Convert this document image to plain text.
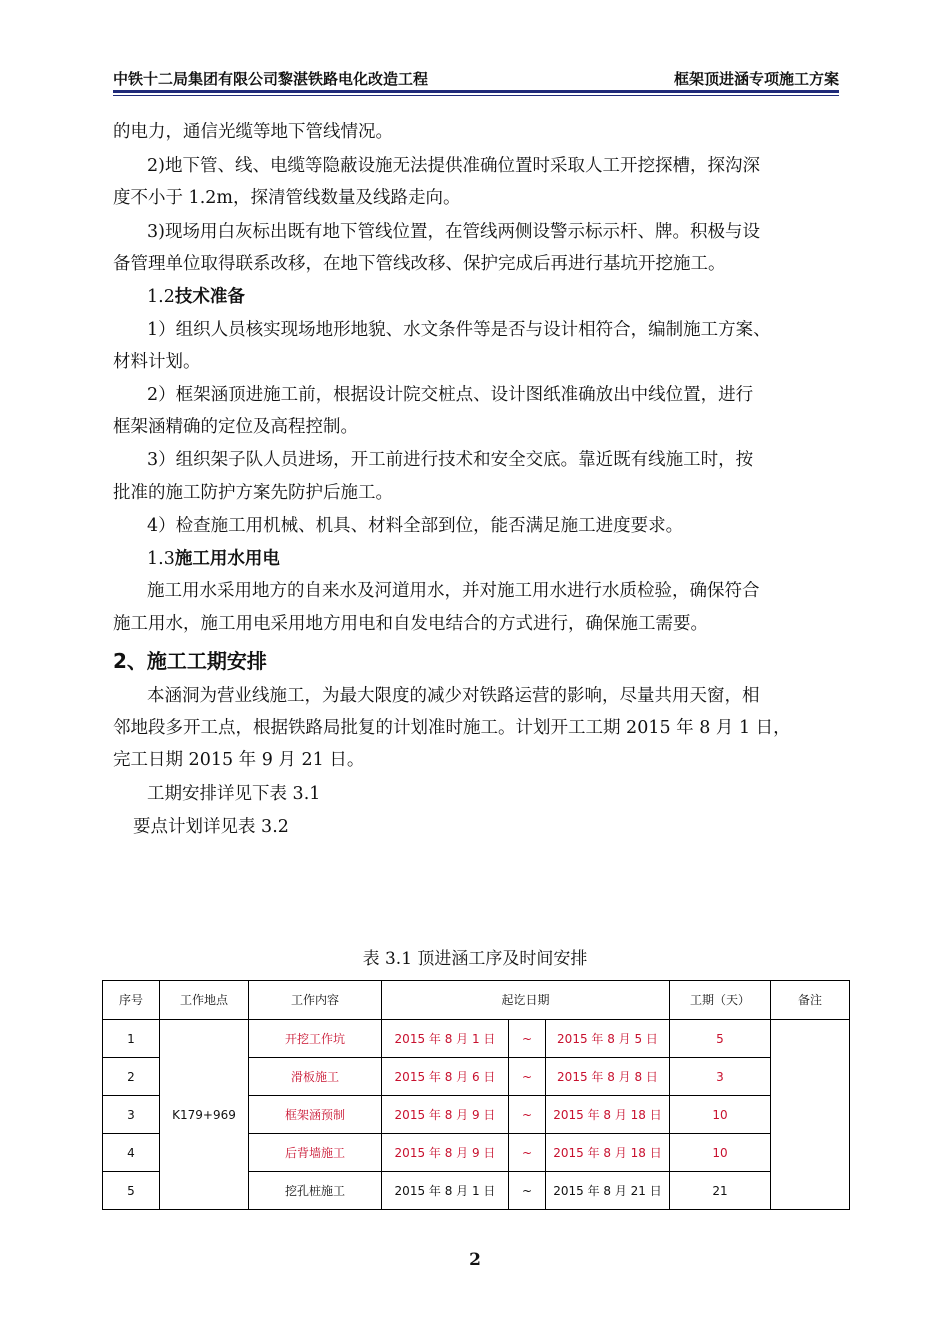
中铁十二局集团有限公司黎湛铁路电化改造工程	框架顶进涵专项施工方案
的电力，通信光缆等地下管线情况。
2)地下管、线、电缆等隐蔽设施无法提供准确位置时采取人工开挖探槽，探沟深
度不小于 1.2m，探清管线数量及线路走向。
3)现场用白灰标出既有地下管线位置，在管线两侧设警示标示杆、牌。积极与设
备管理单位取得联系改移，在地下管线改移、保护完成后再进行基坑开挖施工。
1.2技术准备
1）组织人员核实现场地形地貌、水文条件等是否与设计相符合，编制施工方案、
材料计划。
2）框架涵顶进施工前，根据设计院交桩点、设计图纸准确放出中线位置，进行
框架涵精确的定位及高程控制。
3）组织架子队人员进场，开工前进行技术和安全交底。靠近既有线施工时，按
批准的施工防护方案先防护后施工。
4）检查施工用机械、机具、材料全部到位，能否满足施工进度要求。
1.3施工用水用电
施工用水采用地方的自来水及河道用水，并对施工用水进行水质检验，确保符合
施工用水，施工用电采用地方用电和自发电结合的方式进行，确保施工需要。
2、施工工期安排
本涵洞为营业线施工，为最大限度的减少对铁路运营的影响，尽量共用天窗，相
邻地段多开工点，根据铁路局批复的计划准时施工。计划开工工期 2015 年 8 月 1 日，
完工日期 2015 年 9 月 21 日。
工期安排详见下表 3.1
要点计划详见表 3.2
表 3.1 顶进涵工序及时间安排
序号	工作地点	工作内容	起讫日期			工期（天）	备注
1	K179+969	开挖工作坑	2015 年 8 月 1 日	~	2015 年 8 月 5 日	5	
2		滑板施工	2015 年 8 月 6 日	~	2015 年 8 月 8 日	3	
3		框架涵预制	2015 年 8 月 9 日	~	2015 年 8 月 18 日	10	
4		后背墙施工	2015 年 8 月 9 日	~	2015 年 8 月 18 日	10	
5		挖孔桩施工	2015 年 8 月 1 日	~	2015 年 8 月 21 日	21	
2
